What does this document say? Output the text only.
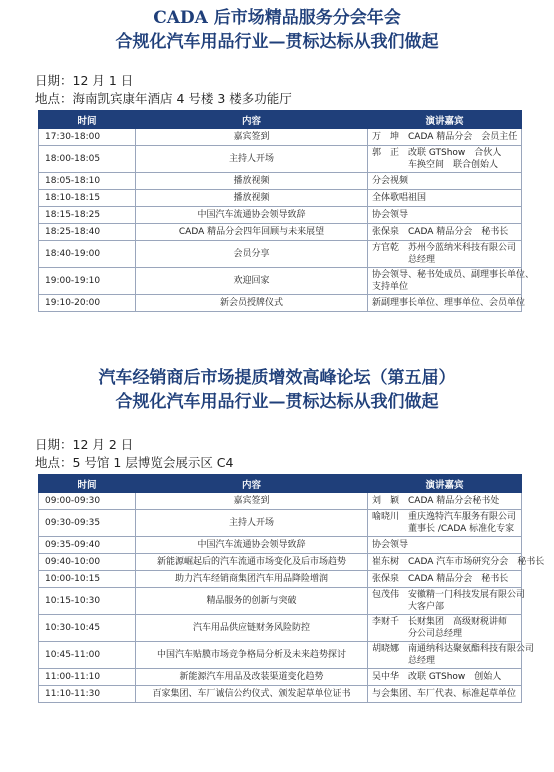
CADA 后市场精品服务分会年会
合规化汽车用品行业—贯标达标从我们做起
日期：12 月 1 日
地点：海南凯宾康年酒店 4 号楼 3 楼多功能厅
时间	内容	演讲嘉宾
17:30-18:00	嘉宾签到	万　坤　CADA 精品分会　会员主任

18:00-18:05	主持人开场	郭　正　改联 GTShow　合伙人
　　　　车换空间　联合创始人

18:05-18:10	播放视频	分会视频

18:10-18:15	播放视频	全体歌唱祖国

18:15-18:25	中国汽车流通协会领导致辞	协会领导

18:25-18:40	CADA 精品分会四年回顾与未来展望	张保泉　CADA 精品分会　秘书长

18:40-19:00	会员分享	方官乾　苏州今蓝纳米科技有限公司
　　　　总经理

19:00-19:10	欢迎回家	协会领导、秘书处成员、副理事长单位、
支持单位

19:10-20:00	新会员授牌仪式	新副理事长单位、理事单位、会员单位
汽车经销商后市场提质增效高峰论坛（第五届）
合规化汽车用品行业—贯标达标从我们做起
日期：12 月 2 日
地点：5 号馆 1 层博览会展示区 C4
时间	内容	演讲嘉宾
09:00-09:30	嘉宾签到	刘　颖　CADA 精品分会秘书处

09:30-09:35	主持人开场	喻晓川　重庆逸特汽车服务有限公司
　　　　董事长 /CADA 标准化专家

09:35-09:40	中国汽车流通协会领导致辞	协会领导

09:40-10:00	新能源崛起后的汽车流通市场变化及后市场趋势	崔东树　CADA 汽车市场研究分会　秘书长

10:00-10:15	助力汽车经销商集团汽车用品降险增润	张保泉　CADA 精品分会　秘书长

10:15-10:30	精品服务的创新与突破	包茂伟　安徽精一门科技发展有限公司
　　　　大客户部

10:30-10:45	汽车用品供应链财务风险防控	李财千　长财集团　高级财税讲师
　　　　分公司总经理

10:45-11:00	中国汽车贴膜市场竞争格局分析及未来趋势探讨	胡晓娜　南通纳科达聚氨酯科技有限公司
　　　　总经理

11:00-11:10	新能源汽车用品及改装渠道变化趋势	吴中华　改联 GTShow　创始人

11:10-11:30	百家集团、车厂诚信公约仪式、颁发起草单位证书	与会集团、车厂代表、标准起草单位
